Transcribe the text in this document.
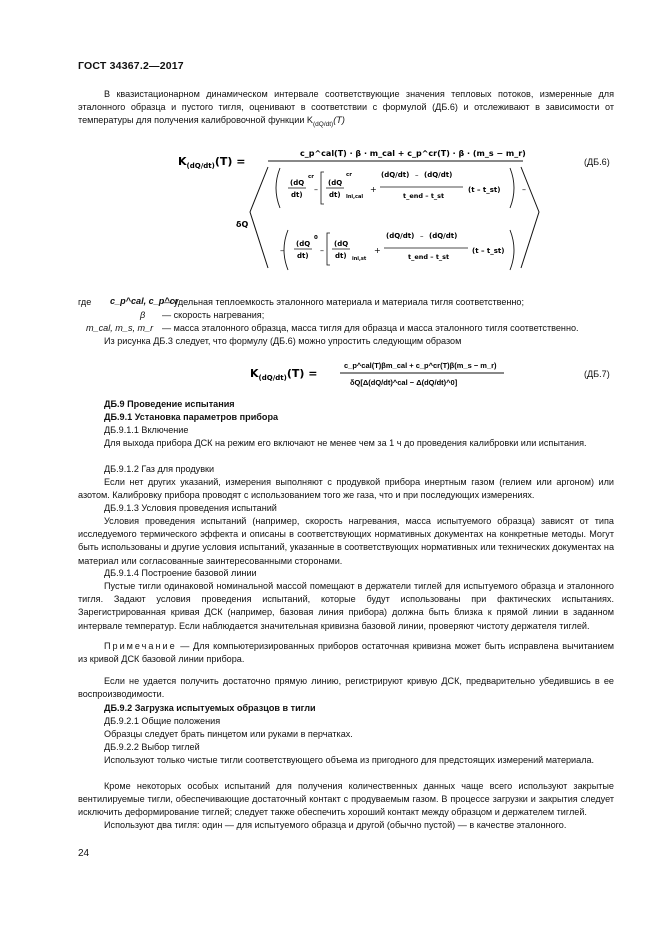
ГОСТ 34367.2—2017
В квазистационарном динамическом интервале соответствующие значения тепловых потоков, измеренные для эталонного образца и пустого тигля, оценивают в соответствии с формулой (ДБ.6) и отслеживают в зависимости от температуры для получения калибровочной функции $K_{(dQ/dt)}(T)$
$K_{(dQ/dt)}(T)$ =
c_p^cal(T) · β · m_cal + c_p^cr(T) · β · (m_s − m_r)
δQ
(dQ
dt)
cr
–
(dQ
dt) Ini,cal
cr
+
(dQ/dt) – (dQ/dt)
t_end – t_st
(t – t_st)	–
–
(dQ
dt)
0
–
(dQ
dt) ini,st
+
(dQ/dt) – (dQ/dt)
t_end – t_st
(t – t_st)
(ДБ.6)
где c_p^cal, c_p^cr
— удельная теплоемкость эталонного материала и материала тигля соответственно;
β — скорость нагревания;
m_cal, m_s, m_r — масса эталонного образца, масса тигля для образца и масса эталонного тигля соответственно.
Из рисунка ДБ.3 следует, что формулу (ДБ.6) можно упростить следующим образом
$K_{(dQ/dt)}(T)$ =
c_p^cal(T)βm_cal + c_p^cr(T)β(m_s − m_r)
δQ[Δ(dQ/dt)^cal − Δ(dQ/dt)^0]
(ДБ.7)
ДБ.9 Проведение испытания
ДБ.9.1 Установка параметров прибора
ДБ.9.1.1 Включение
Для выхода прибора ДСК на режим его включают не менее чем за 1 ч до проведения калибровки или испытания.
ДБ.9.1.2 Газ для продувки
Если нет других указаний, измерения выполняют с продувкой прибора инертным газом (гелием или аргоном) или азотом. Калибровку прибора проводят с использованием того же газа, что и при последующих измерениях.
ДБ.9.1.3 Условия проведения испытаний
Условия проведения испытаний (например, скорость нагревания, масса испытуемого образца) зависят от типа исследуемого термического эффекта и описаны в соответствующих нормативных документах на конкретные методы. Могут быть использованы и другие условия испытаний, указанные в соответствующих нормативных или технических документах на материал или согласованные заинтересованными сторонами.
ДБ.9.1.4 Построение базовой линии
Пустые тигли одинаковой номинальной массой помещают в держатели тиглей для испытуемого образца и эталонного тигля. Задают условия проведения испытаний, которые будут использованы при фактических испытаниях. Зарегистрированная кривая ДСК (например, базовая линия прибора) должна быть близка к прямой линии в заданном интервале температур. Если наблюдается значительная кривизна базовой линии, проверяют чистоту держателя тиглей.
Примечание — Для компьютеризированных приборов остаточная кривизна может быть исправлена вычитанием из кривой ДСК базовой линии прибора.
Если не удается получить достаточно прямую линию, регистрируют кривую ДСК, предварительно убедившись в ее воспроизводимости.
ДБ.9.2 Загрузка испытуемых образцов в тигли
ДБ.9.2.1 Общие положения
Образцы следует брать пинцетом или руками в перчатках.
ДБ.9.2.2 Выбор тиглей
Используют только чистые тигли соответствующего объема из пригодного для предстоящих измерений материала.
Кроме некоторых особых испытаний для получения количественных данных чаще всего используют закрытые вентилируемые тигли, обеспечивающие достаточный контакт с продуваемым газом. В процессе загрузки и закрытия следует исключить деформирование тиглей; следует также обеспечить хороший контакт между образцом и держателем тиглей.
Используют два тигля: один — для испытуемого образца и другой (обычно пустой) — в качестве эталонного.
24
